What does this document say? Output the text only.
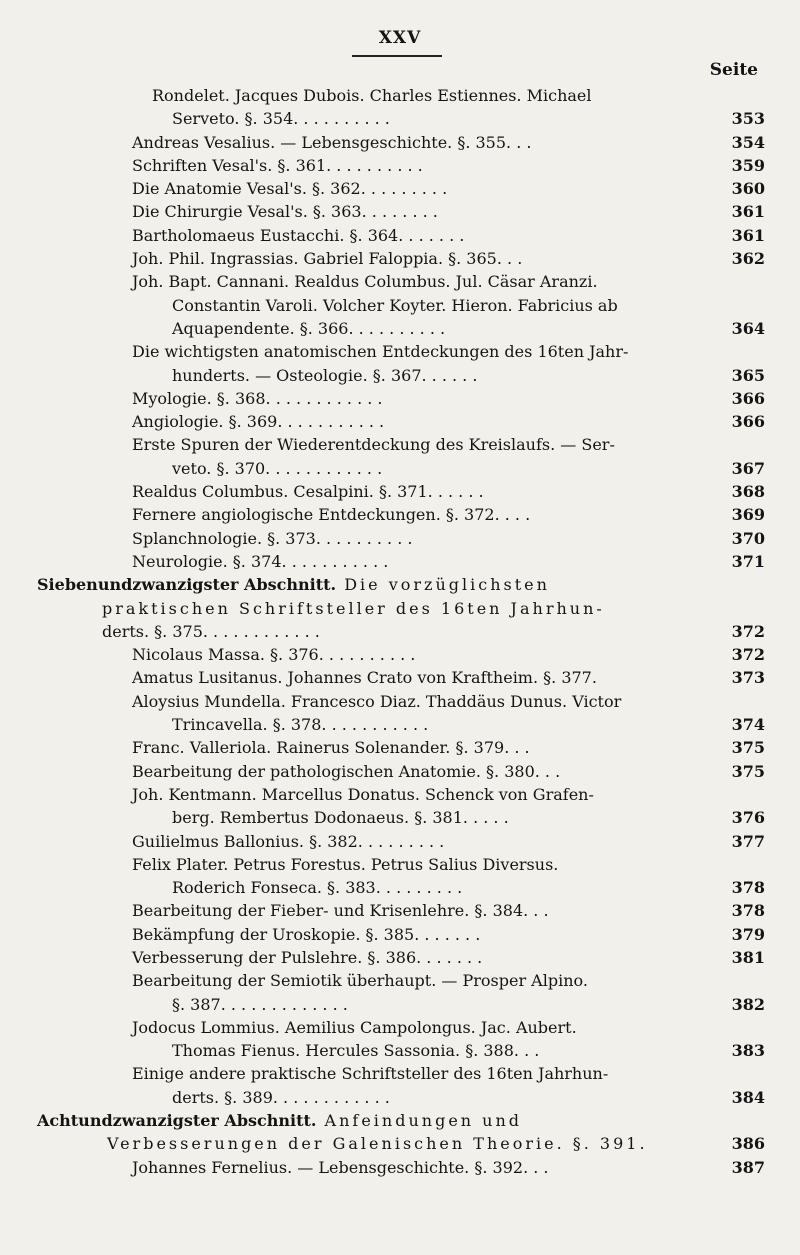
XXV
Seite
Rondelet. Jacques Dubois. Charles Estiennes. Michael
Serveto. §. 354. . . . . . . . . .	353
Andreas Vesalius. — Lebensgeschichte. §. 355. . .	354
Schriften Vesal's. §. 361. . . . . . . . . .	359
Die Anatomie Vesal's. §. 362. . . . . . . . .	360
Die Chirurgie Vesal's. §. 363. . . . . . . .	361
Bartholomaeus Eustacchi. §. 364. . . . . . .	361
Joh. Phil. Ingrassias. Gabriel Faloppia. §. 365. . .	362
Joh. Bapt. Cannani. Realdus Columbus. Jul. Cäsar Aranzi.
Constantin Varoli. Volcher Koyter. Hieron. Fabricius ab
Aquapendente. §. 366. . . . . . . . . .	364
Die wichtigsten anatomischen Entdeckungen des 16ten Jahr-
hunderts. — Osteologie. §. 367. . . . . .	365
Myologie. §. 368. . . . . . . . . . . .	366
Angiologie. §. 369. . . . . . . . . . .	366
Erste Spuren der Wiederentdeckung des Kreislaufs. — Ser-
veto. §. 370. . . . . . . . . . . .	367
Realdus Columbus. Cesalpini. §. 371. . . . . .	368
Fernere angiologische Entdeckungen. §. 372. . . .	369
Splanchnologie. §. 373. . . . . . . . . .	370
Neurologie. §. 374. . . . . . . . . . .	371
Siebenundzwanzigster Abschnitt. Die vorzüglichsten
praktischen Schriftsteller des 16ten Jahrhun-
derts. §. 375. . . . . . . . . . . .	372
Nicolaus Massa. §. 376. . . . . . . . . .	372
Amatus Lusitanus. Johannes Crato von Kraftheim. §. 377.	373
Aloysius Mundella. Francesco Diaz. Thaddäus Dunus. Victor
Trincavella. §. 378. . . . . . . . . . .	374
Franc. Valleriola. Rainerus Solenander. §. 379. . .	375
Bearbeitung der pathologischen Anatomie. §. 380. . .	375
Joh. Kentmann. Marcellus Donatus. Schenck von Grafen-
berg. Rembertus Dodonaeus. §. 381. . . . .	376
Guilielmus Ballonius. §. 382. . . . . . . . .	377
Felix Plater. Petrus Forestus. Petrus Salius Diversus.
Roderich Fonseca. §. 383. . . . . . . . .	378
Bearbeitung der Fieber- und Krisenlehre. §. 384. . .	378
Bekämpfung der Uroskopie. §. 385. . . . . . .	379
Verbesserung der Pulslehre. §. 386. . . . . . .	381
Bearbeitung der Semiotik überhaupt. — Prosper Alpino.
§. 387. . . . . . . . . . . . .	382
Jodocus Lommius. Aemilius Campolongus. Jac. Aubert.
Thomas Fienus. Hercules Sassonia. §. 388. . .	383
Einige andere praktische Schriftsteller des 16ten Jahrhun-
derts. §. 389. . . . . . . . . . . .	384
Achtundzwanzigster Abschnitt. Anfeindungen und
Verbesserungen der Galenischen Theorie. §. 391.	386
Johannes Fernelius. — Lebensgeschichte. §. 392. . .	387
